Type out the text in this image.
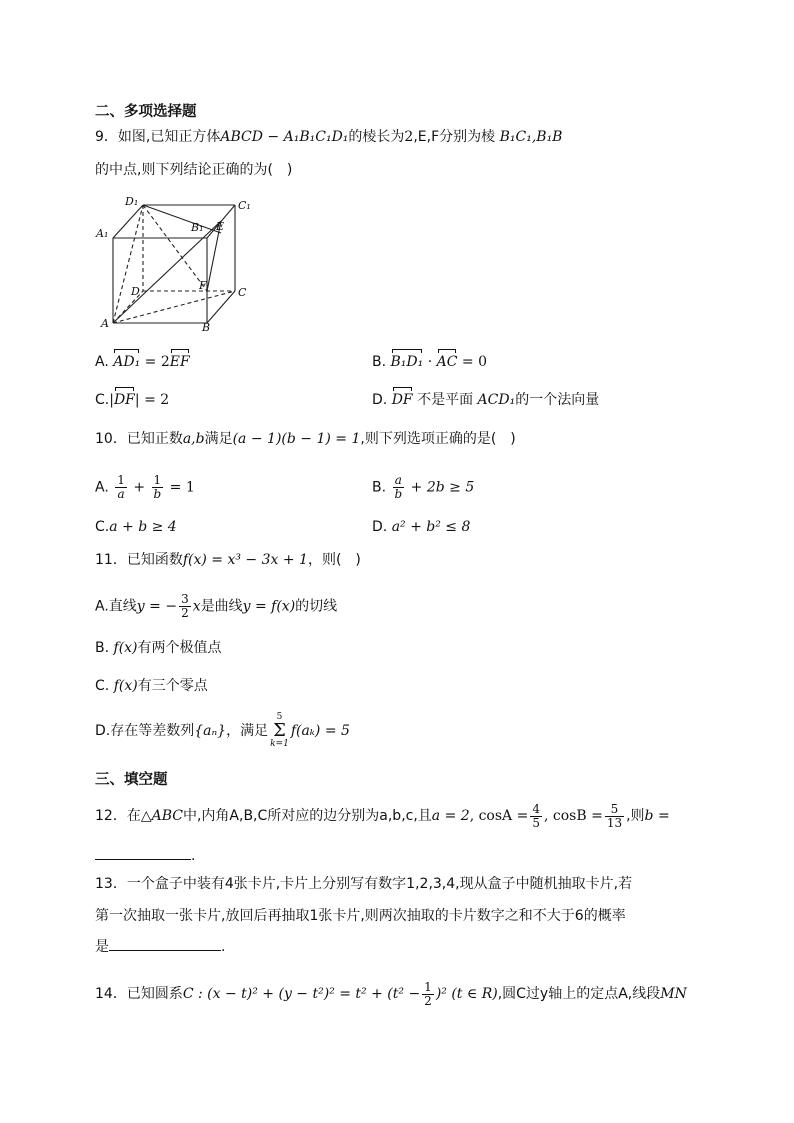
二、多项选择题
9．如图,已知正方体ABCD − A₁B₁C₁D₁的棱长为2,E,F分别为棱 B₁C₁,B₁B
的中点,则下列结论正确的为(　)
D₁	C₁
A₁	B₁ E
F
D	C
A	B
A. AD₁ = 2EF	B. B₁D₁ · AC = 0
C.|DF| = 2	D. DF 不是平面 ACD₁的一个法向量
10．已知正数a,b满足(a − 1)(b − 1) = 1,则下列选项正确的是(　)
A. $\frac{1}{a} + \frac{1}{b} = 1$	B. $\frac{a}{b} + 2b \ge 5$
C.a + b ≥ 4	D. a² + b² ≤ 8
11．已知函数f(x) = x³ − 3x + 1，则(　)
A.直线y = − $\frac{3}{2}$ x是曲线y = f(x)的切线
B. f(x)有两个极值点
C. f(x)有三个零点
D.存在等差数列{aₙ}，满足5
Σ
k=1f(aₖ) = 5
三、填空题
12．在△ABC中,内角A,B,C所对应的边分别为a,b,c,且a = 2, $\cos A = \frac{4}{5}$ , $\cos B = \frac{5}{13}$ ,则b =
.
13．一个盒子中装有4张卡片,卡片上分别写有数字1,2,3,4,现从盒子中随机抽取卡片,若
第一次抽取一张卡片,放回后再抽取1张卡片,则两次抽取的卡片数字之和不大于6的概率
是	.
14．已知圆系C : $(x - t)^2 + (y - t^2)^2 = t^2 + (t^2 - \frac{1}{2} )^2$ (t ∈ R),圆C过y轴上的定点A,线段MN
